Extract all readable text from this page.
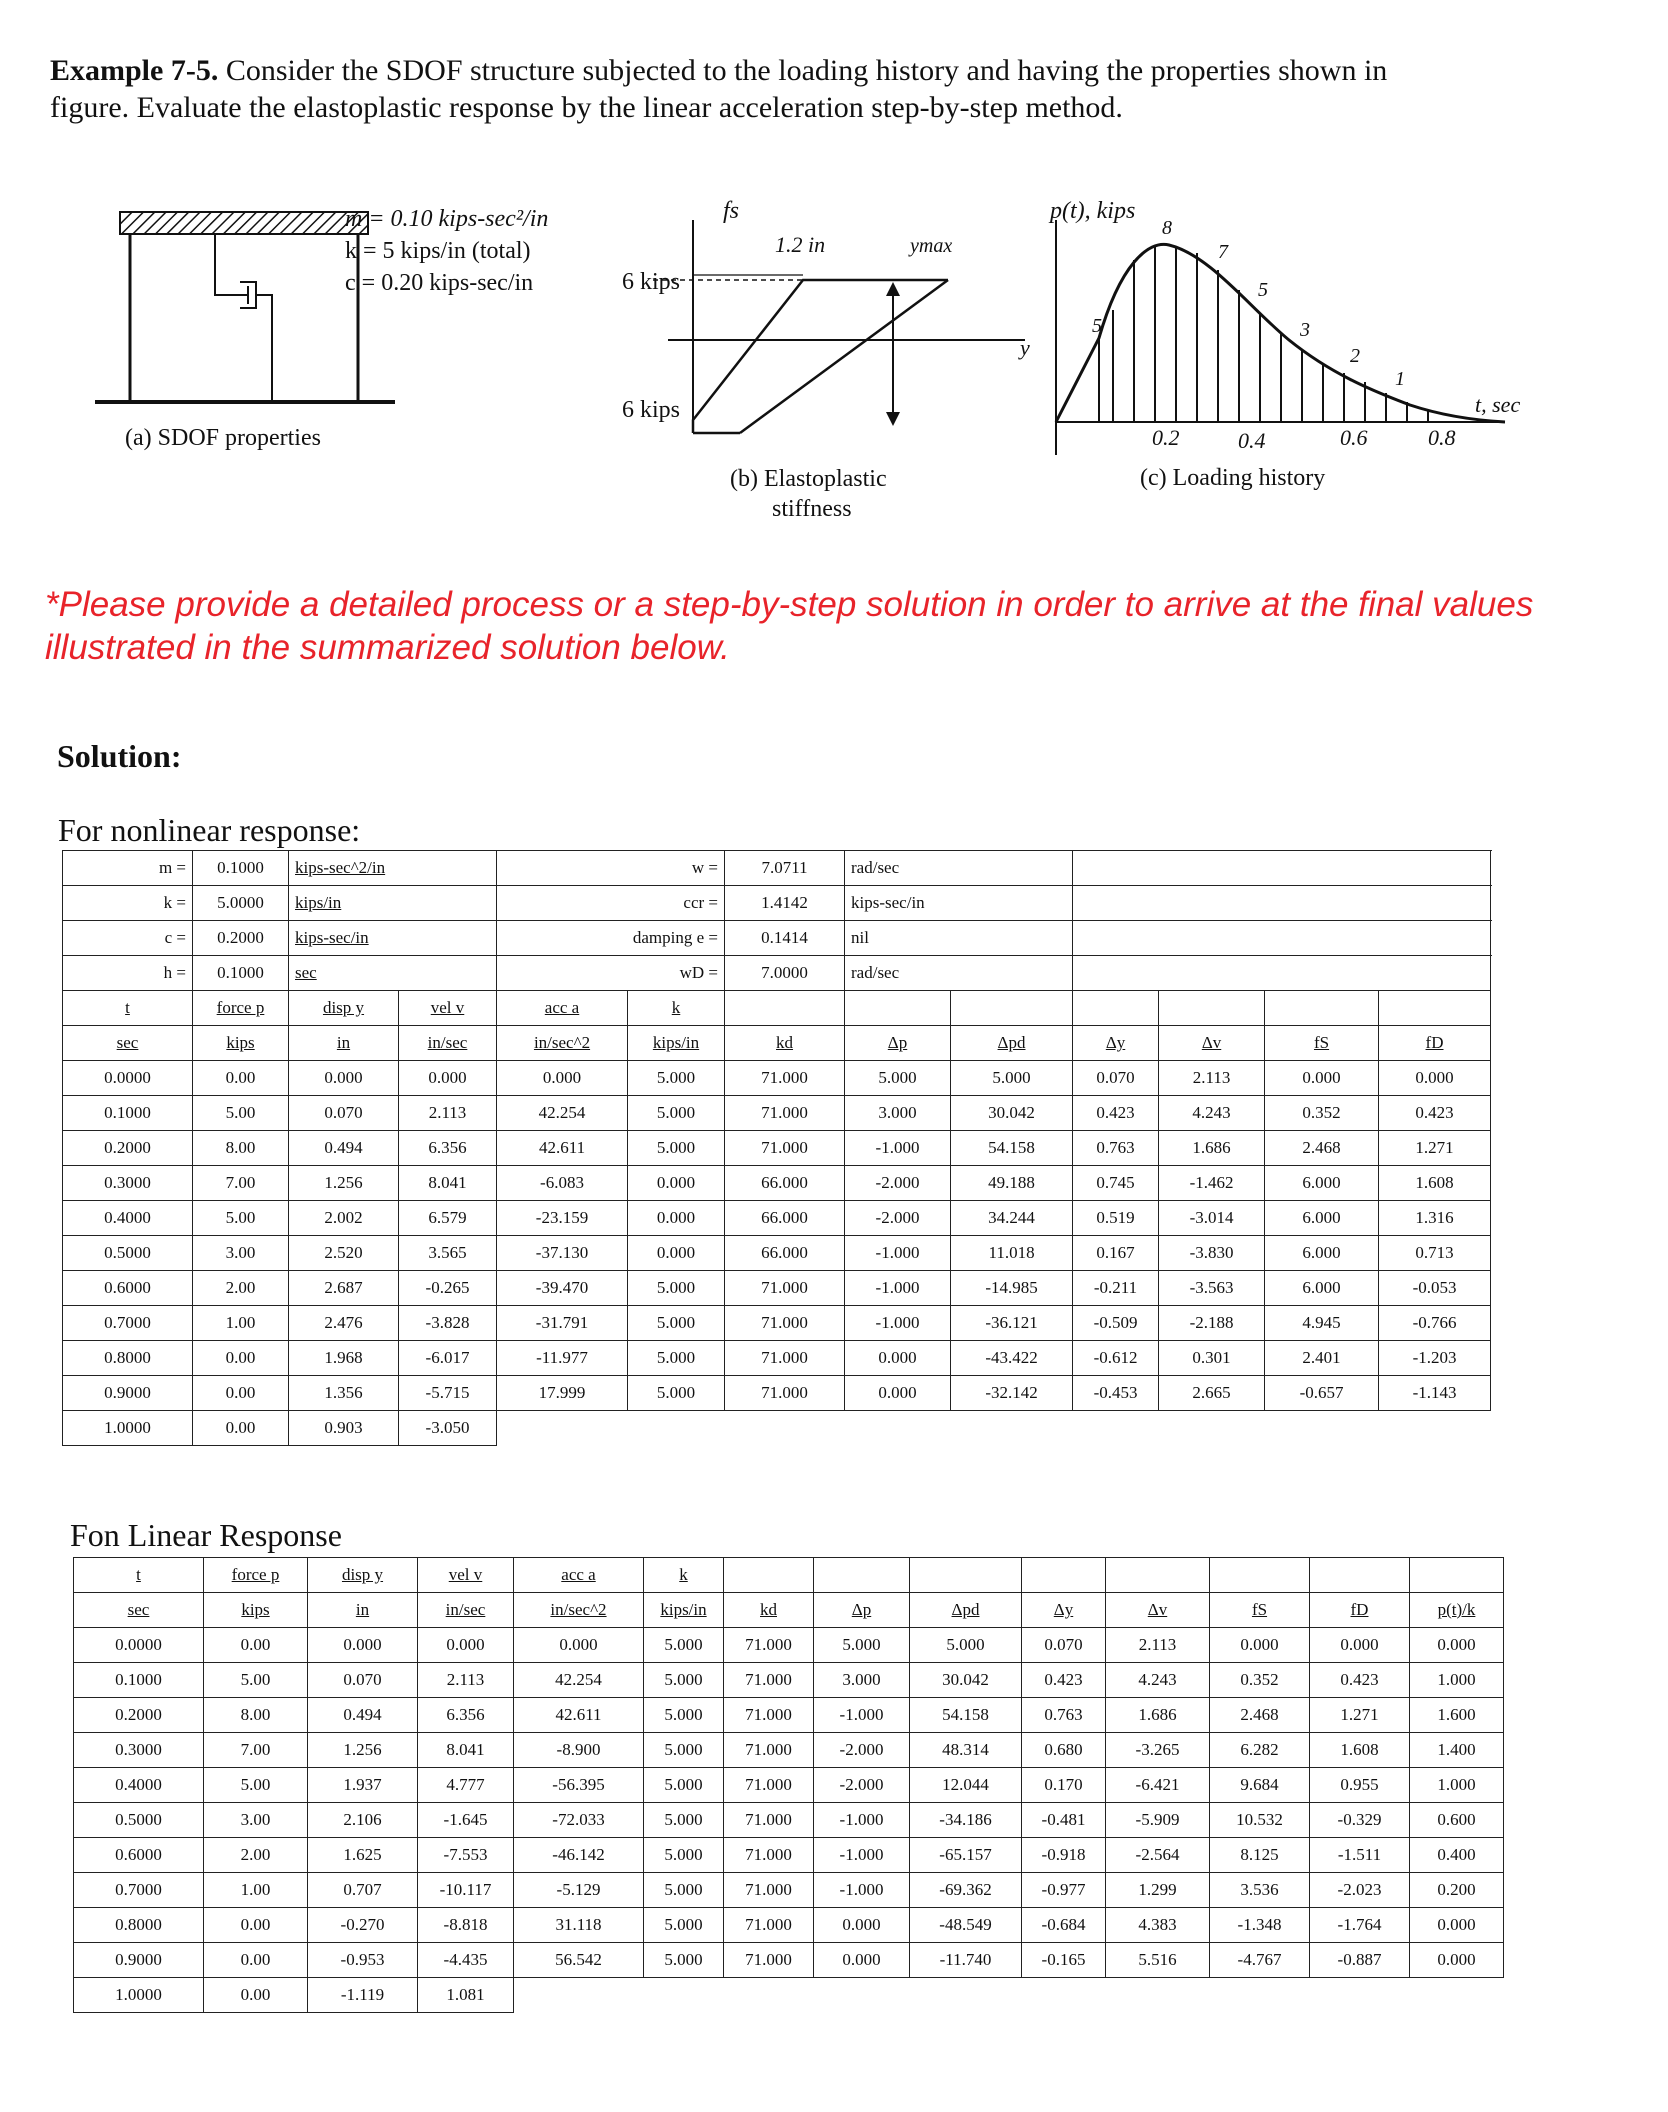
Example 7-5. Consider the SDOF structure subjected to the loading history and having the properties shown in figure. Evaluate the elastoplastic response by the linear acceleration step-by-step method.
m = 0.10 kips-sec²/in
k = 5 kips/in (total)
c = 0.20 kips-sec/in
(a) SDOF properties
fs
6 kips
6 kips
1.2 in	ymax
y
(b) Elastoplastic
stiffness
p(t), kips
t, sec
0.2	0.4	0.6	0.8
5
8
7
5
3
2
1
(c) Loading history
*Please provide a detailed process or a step-by-step solution in order to arrive at the final values illustrated in the summarized solution below.
Solution:
For nonlinear response:
m =	0.1000	kips-sec^2/in		w =		7.0711	rad/sec					
k =	5.0000	kips/in		ccr =		1.4142	kips-sec/in					
c =	0.2000	kips-sec/in		damping e =		0.1414	nil					
h =	0.1000	sec		wD =		7.0000	rad/sec					
t	force p	disp y	vel v	acc a	k							
sec	kips	in	in/sec	in/sec^2	kips/in	kd	Δp	Δpd	Δy	Δv	fS	fD
0.0000	0.00	0.000	0.000	0.000	5.000	71.000	5.000	5.000	0.070	2.113	0.000	0.000
0.1000	5.00	0.070	2.113	42.254	5.000	71.000	3.000	30.042	0.423	4.243	0.352	0.423
0.2000	8.00	0.494	6.356	42.611	5.000	71.000	-1.000	54.158	0.763	1.686	2.468	1.271
0.3000	7.00	1.256	8.041	-6.083	0.000	66.000	-2.000	49.188	0.745	-1.462	6.000	1.608
0.4000	5.00	2.002	6.579	-23.159	0.000	66.000	-2.000	34.244	0.519	-3.014	6.000	1.316
0.5000	3.00	2.520	3.565	-37.130	0.000	66.000	-1.000	11.018	0.167	-3.830	6.000	0.713
0.6000	2.00	2.687	-0.265	-39.470	5.000	71.000	-1.000	-14.985	-0.211	-3.563	6.000	-0.053
0.7000	1.00	2.476	-3.828	-31.791	5.000	71.000	-1.000	-36.121	-0.509	-2.188	4.945	-0.766
0.8000	0.00	1.968	-6.017	-11.977	5.000	71.000	0.000	-43.422	-0.612	0.301	2.401	-1.203
0.9000	0.00	1.356	-5.715	17.999	5.000	71.000	0.000	-32.142	-0.453	2.665	-0.657	-1.143
1.0000	0.00	0.903	-3.050									
Fon Linear Response
t	force p	disp y	vel v	acc a	k								
sec	kips	in	in/sec	in/sec^2	kips/in	kd	Δp	Δpd	Δy	Δv	fS	fD	p(t)/k
0.0000	0.00	0.000	0.000	0.000	5.000	71.000	5.000	5.000	0.070	2.113	0.000	0.000	0.000
0.1000	5.00	0.070	2.113	42.254	5.000	71.000	3.000	30.042	0.423	4.243	0.352	0.423	1.000
0.2000	8.00	0.494	6.356	42.611	5.000	71.000	-1.000	54.158	0.763	1.686	2.468	1.271	1.600
0.3000	7.00	1.256	8.041	-8.900	5.000	71.000	-2.000	48.314	0.680	-3.265	6.282	1.608	1.400
0.4000	5.00	1.937	4.777	-56.395	5.000	71.000	-2.000	12.044	0.170	-6.421	9.684	0.955	1.000
0.5000	3.00	2.106	-1.645	-72.033	5.000	71.000	-1.000	-34.186	-0.481	-5.909	10.532	-0.329	0.600
0.6000	2.00	1.625	-7.553	-46.142	5.000	71.000	-1.000	-65.157	-0.918	-2.564	8.125	-1.511	0.400
0.7000	1.00	0.707	-10.117	-5.129	5.000	71.000	-1.000	-69.362	-0.977	1.299	3.536	-2.023	0.200
0.8000	0.00	-0.270	-8.818	31.118	5.000	71.000	0.000	-48.549	-0.684	4.383	-1.348	-1.764	0.000
0.9000	0.00	-0.953	-4.435	56.542	5.000	71.000	0.000	-11.740	-0.165	5.516	-4.767	-0.887	0.000
1.0000	0.00	-1.119	1.081										
